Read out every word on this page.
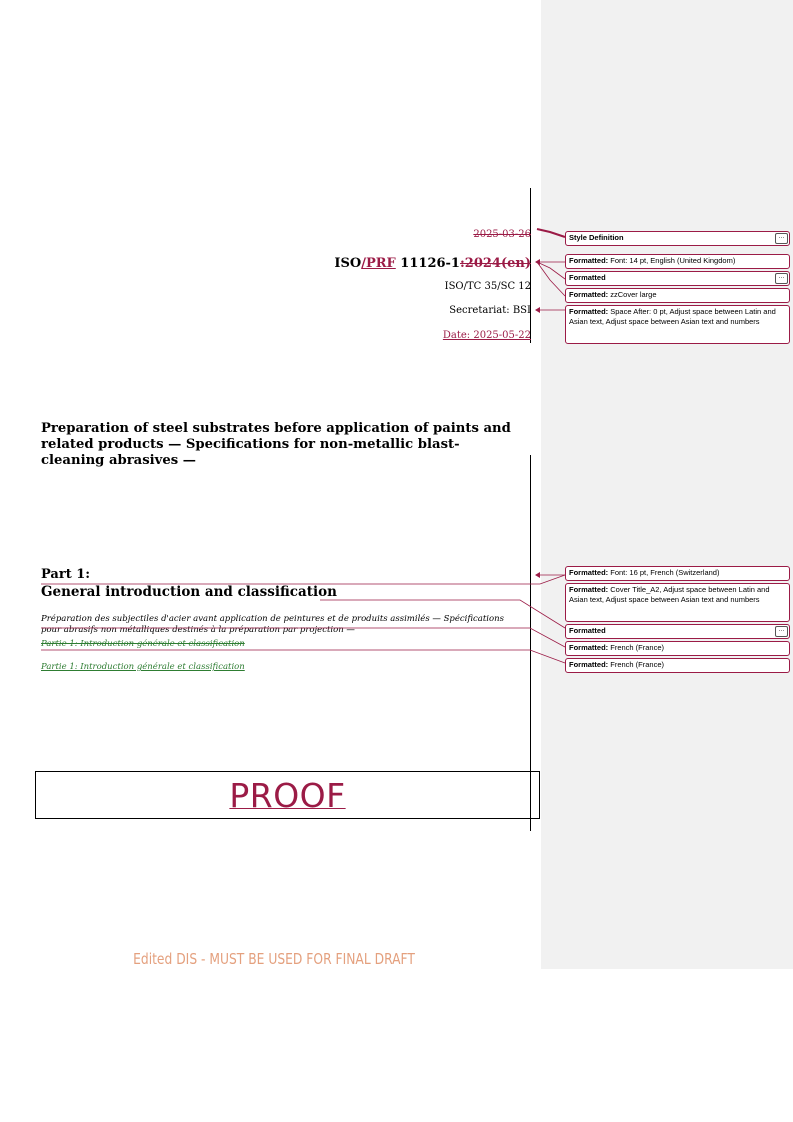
2025-03-26
ISO/PRF 11126-1:2024(en)
ISO/TC 35/SC 12
Secretariat: BSI
Date: 2025-05-22
Preparation of steel substrates before application of paints and related products — Specifications for non-metallic blast-cleaning abrasives —
Part 1:
General introduction and classification
Préparation des subjectiles d'acier avant application de peintures et de produits assimilés — Spécifications pour abrasifs non métalliques destinés à la préparation par projection —
Partie 1: Introduction générale et classification
Partie 1: Introduction générale et classification
PROOF
Edited DIS - MUST BE USED FOR FINAL DRAFT
Style Definition	…
Formatted: Font: 14 pt, English (United Kingdom)
Formatted	…
Formatted: zzCover large
Formatted: Space After: 0 pt, Adjust space between Latin and Asian text, Adjust space between Asian text and numbers
Formatted: Font: 16 pt, French (Switzerland)
Formatted: Cover Title_A2, Adjust space between Latin and Asian text, Adjust space between Asian text and numbers
Formatted	…
Formatted: French (France)
Formatted: French (France)
